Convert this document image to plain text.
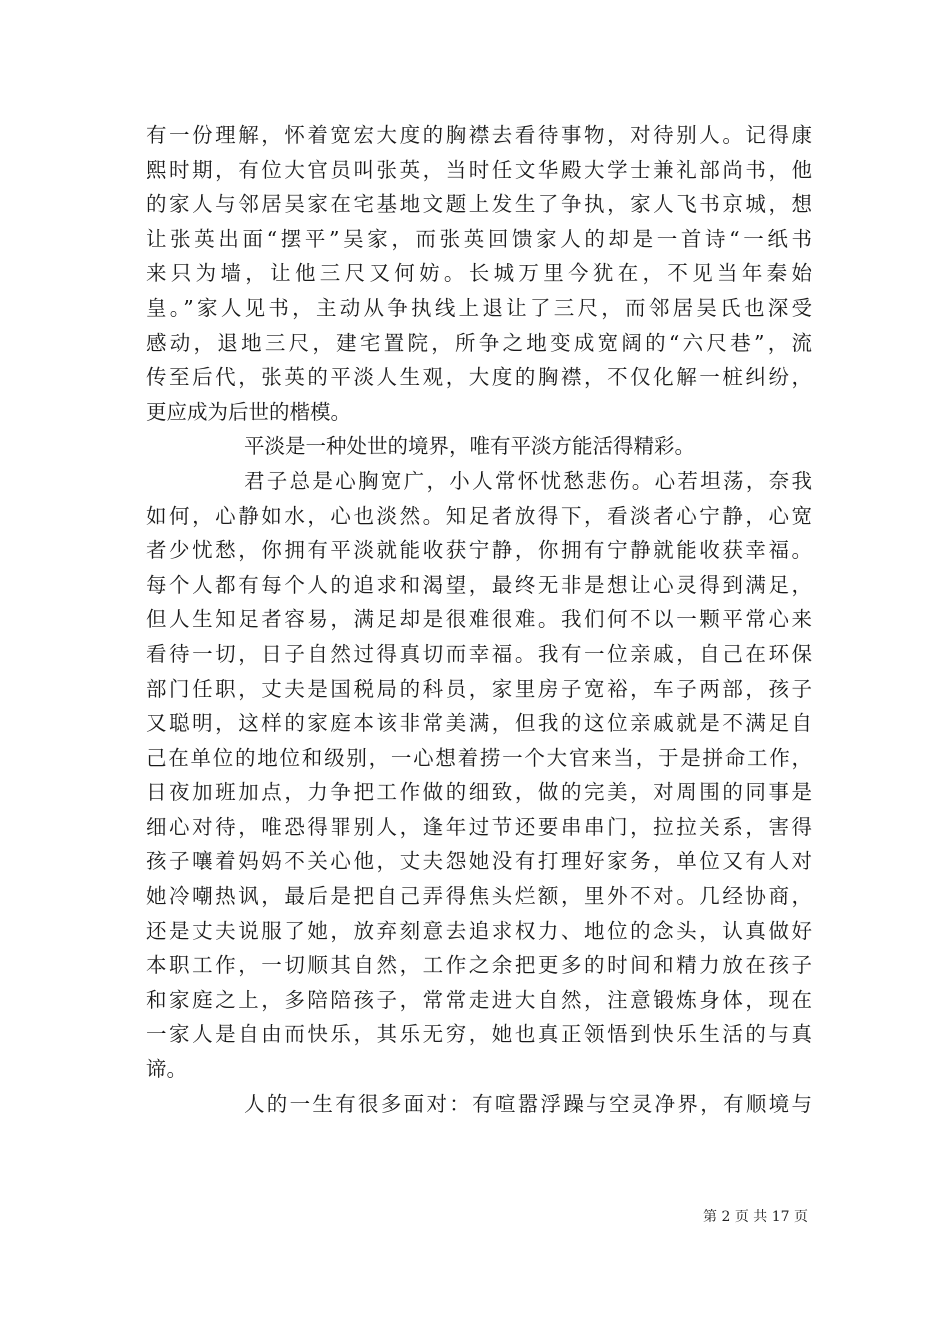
有一份理解，怀着宽宏大度的胸襟去看待事物，对待别人。记得康
熙时期，有位大官员叫张英，当时任文华殿大学士兼礼部尚书，他
的家人与邻居吴家在宅基地文题上发生了争执，家人飞书京城，想
让张英出面“摆平”吴家，而张英回馈家人的却是一首诗“一纸书
来只为墙，让他三尺又何妨。长城万里今犹在，不见当年秦始
皇。”家人见书，主动从争执线上退让了三尺，而邻居吴氏也深受
感动，退地三尺，建宅置院，所争之地变成宽阔的“六尺巷”，流
传至后代，张英的平淡人生观，大度的胸襟，不仅化解一桩纠纷，
更应成为后世的楷模。
平淡是一种处世的境界，唯有平淡方能活得精彩。
君子总是心胸宽广，小人常怀忧愁悲伤。心若坦荡，奈我
如何，心静如水，心也淡然。知足者放得下，看淡者心宁静，心宽
者少忧愁，你拥有平淡就能收获宁静，你拥有宁静就能收获幸福。
每个人都有每个人的追求和渴望，最终无非是想让心灵得到满足，
但人生知足者容易，满足却是很难很难。我们何不以一颗平常心来
看待一切，日子自然过得真切而幸福。我有一位亲戚，自己在环保
部门任职，丈夫是国税局的科员，家里房子宽裕，车子两部，孩子
又聪明，这样的家庭本该非常美满，但我的这位亲戚就是不满足自
己在单位的地位和级别，一心想着捞一个大官来当，于是拼命工作，
日夜加班加点，力争把工作做的细致，做的完美，对周围的同事是
细心对待，唯恐得罪别人，逢年过节还要串串门，拉拉关系，害得
孩子嚷着妈妈不关心他，丈夫怨她没有打理好家务，单位又有人对
她冷嘲热讽，最后是把自己弄得焦头烂额，里外不对。几经协商，
还是丈夫说服了她，放弃刻意去追求权力、地位的念头，认真做好
本职工作，一切顺其自然，工作之余把更多的时间和精力放在孩子
和家庭之上，多陪陪孩子，常常走进大自然，注意锻炼身体，现在
一家人是自由而快乐，其乐无穷，她也真正领悟到快乐生活的与真
谛。
人的一生有很多面对：有喧嚣浮躁与空灵净界，有顺境与
第 2 页 共 17 页
